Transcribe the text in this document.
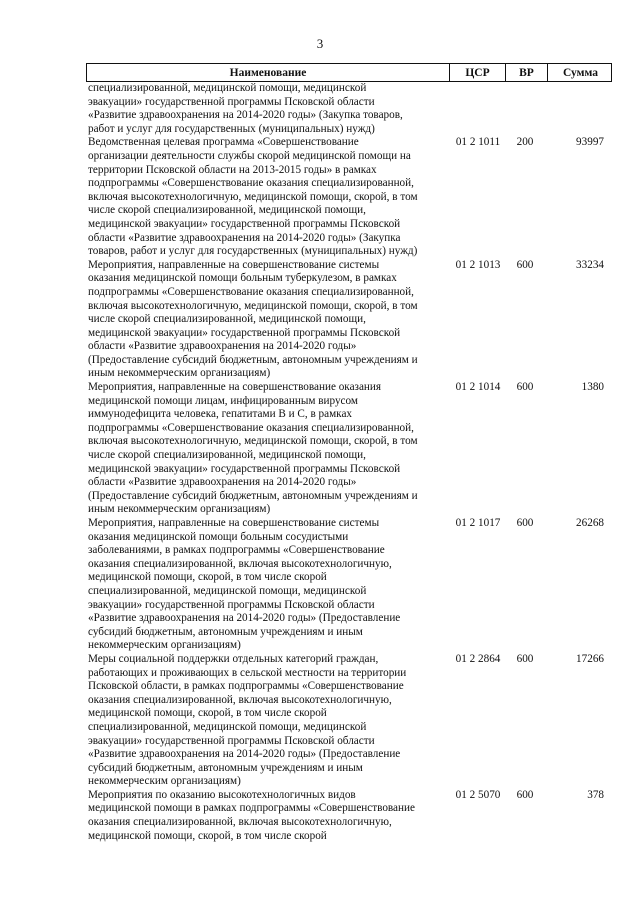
3
Наименование	ЦСР	ВР	Сумма
специализированной, медицинской помощи, медицинской
эвакуации» государственной программы Псковской области
«Развитие здравоохранения на 2014-2020 годы» (Закупка товаров,
работ и услуг для государственных (муниципальных) нужд)
Ведомственная целевая программа «Совершенствование
организации деятельности службы скорой медицинской помощи на
территории Псковской области на 2013-2015 годы» в рамках
подпрограммы «Совершенствование оказания специализированной,
включая высокотехнологичную, медицинской помощи, скорой, в том
числе скорой специализированной, медицинской помощи,
медицинской эвакуации» государственной программы Псковской
области «Развитие здравоохранения на 2014-2020 годы» (Закупка
товаров, работ и услуг для государственных (муниципальных) нужд)
01 2 1011	200	93997
Мероприятия, направленные на совершенствование системы
оказания медицинской помощи больным туберкулезом, в рамках
подпрограммы «Совершенствование оказания специализированной,
включая высокотехнологичную, медицинской помощи, скорой, в том
числе скорой специализированной, медицинской помощи,
медицинской эвакуации» государственной программы Псковской
области «Развитие здравоохранения на 2014-2020 годы»
(Предоставление субсидий бюджетным, автономным учреждениям и
иным некоммерческим организациям)
01 2 1013	600	33234
Мероприятия, направленные на совершенствование оказания
медицинской помощи лицам, инфицированным вирусом
иммунодефицита человека, гепатитами В и С, в рамках
подпрограммы «Совершенствование оказания специализированной,
включая высокотехнологичную, медицинской помощи, скорой, в том
числе скорой специализированной, медицинской помощи,
медицинской эвакуации» государственной программы Псковской
области «Развитие здравоохранения на 2014-2020 годы»
(Предоставление субсидий бюджетным, автономным учреждениям и
иным некоммерческим организациям)
01 2 1014	600	1380
Мероприятия, направленные на совершенствование системы
оказания медицинской помощи больным сосудистыми
заболеваниями, в рамках подпрограммы «Совершенствование
оказания специализированной, включая высокотехнологичную,
медицинской помощи, скорой, в том числе скорой
специализированной, медицинской помощи, медицинской
эвакуации» государственной программы Псковской области
«Развитие здравоохранения на 2014-2020 годы» (Предоставление
субсидий бюджетным, автономным учреждениям и иным
некоммерческим организациям)
01 2 1017	600	26268
Меры социальной поддержки отдельных категорий граждан,
работающих и проживающих в сельской местности на территории
Псковской области, в рамках подпрограммы «Совершенствование
оказания специализированной, включая высокотехнологичную,
медицинской помощи, скорой, в том числе скорой
специализированной, медицинской помощи, медицинской
эвакуации» государственной программы Псковской области
«Развитие здравоохранения на 2014-2020 годы» (Предоставление
субсидий бюджетным, автономным учреждениям и иным
некоммерческим организациям)
01 2 2864	600	17266
Мероприятия по оказанию высокотехнологичных видов
медицинской помощи в рамках подпрограммы «Совершенствование
оказания специализированной, включая высокотехнологичную,
медицинской помощи, скорой, в том числе скорой
01 2 5070	600	378
